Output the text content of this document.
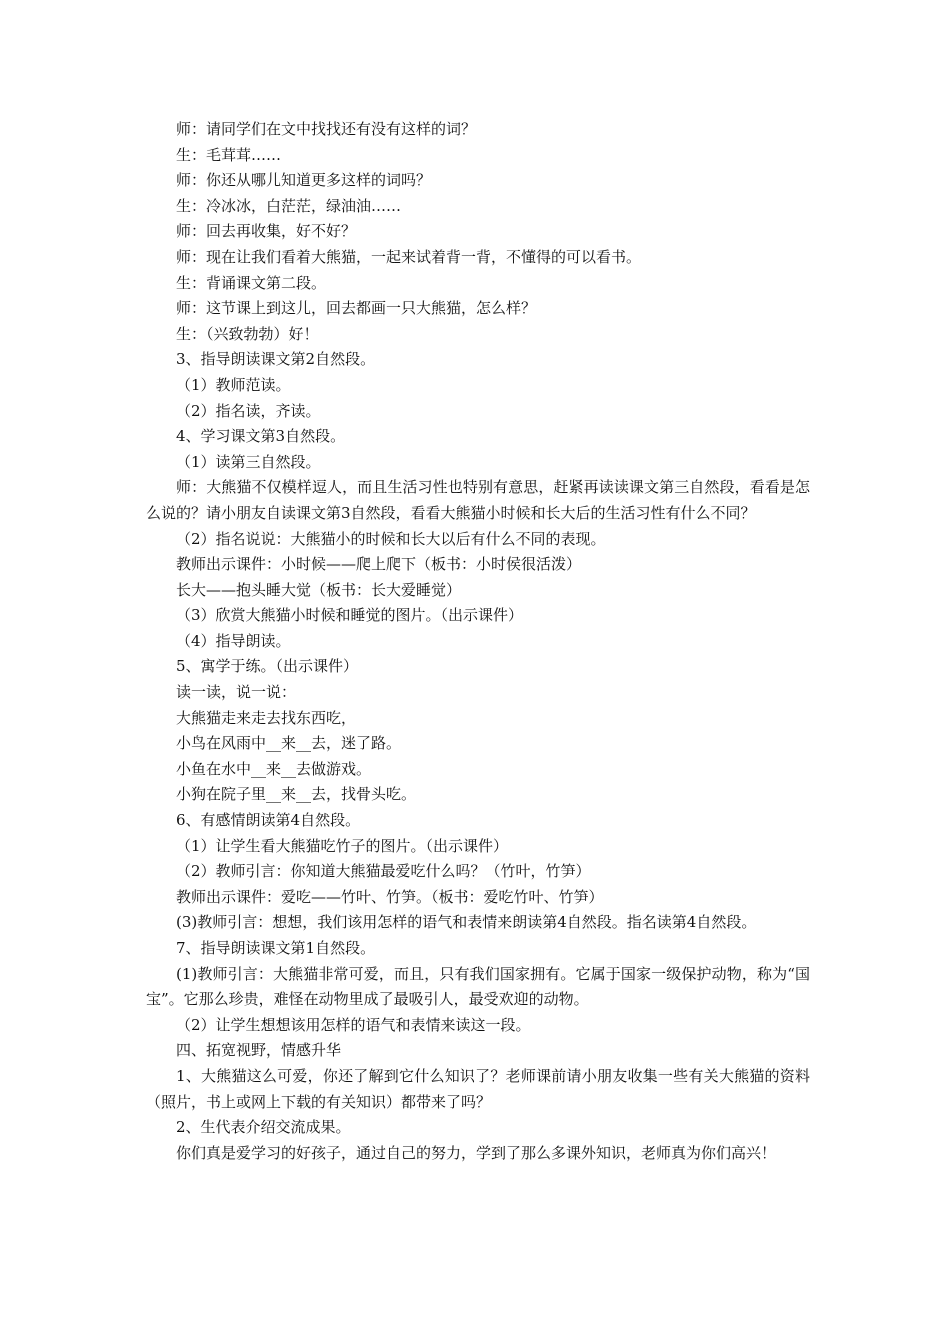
师：请同学们在文中找找还有没有这样的词？

生：毛茸茸……

师：你还从哪儿知道更多这样的词吗？

生：冷冰冰，白茫茫，绿油油……

师：回去再收集，好不好？

师：现在让我们看着大熊猫，一起来试着背一背，不懂得的可以看书。

生：背诵课文第二段。

师：这节课上到这儿，回去都画一只大熊猫，怎么样？

生：（兴致勃勃）好！

3、指导朗读课文第2自然段。

（1）教师范读。

（2）指名读，齐读。

4、学习课文第3自然段。

（1）读第三自然段。

师：大熊猫不仅模样逗人，而且生活习性也特别有意思，赶紧再读读课文第三自然段，看看是怎么说的？请小朋友自读课文第3自然段，看看大熊猫小时候和长大后的生活习性有什么不同？

（2）指名说说：大熊猫小的时候和长大以后有什么不同的表现。

教师出示课件：小时候——爬上爬下（板书：小时侯很活泼）

长大——抱头睡大觉（板书：长大爱睡觉）

（3）欣赏大熊猫小时候和睡觉的图片。（出示课件）

（4）指导朗读。

5、寓学于练。（出示课件）

读一读，说一说：

大熊猫走来走去找东西吃，

小鸟在风雨中__来__去，迷了路。

小鱼在水中__来__去做游戏。

小狗在院子里__来__去，找骨头吃。

6、有感情朗读第4自然段。

（1）让学生看大熊猫吃竹子的图片。（出示课件）

（2）教师引言：你知道大熊猫最爱吃什么吗？（竹叶，竹笋）

教师出示课件：爱吃——竹叶、竹笋。（板书：爱吃竹叶、竹笋）

(3)教师引言：想想，我们该用怎样的语气和表情来朗读第4自然段。指名读第4自然段。

7、指导朗读课文第1自然段。

(1)教师引言：大熊猫非常可爱，而且，只有我们国家拥有。它属于国家一级保护动物，称为“国宝”。它那么珍贵，难怪在动物里成了最吸引人，最受欢迎的动物。

（2）让学生想想该用怎样的语气和表情来读这一段。

四、拓宽视野，情感升华

1、大熊猫这么可爱，你还了解到它什么知识了？老师课前请小朋友收集一些有关大熊猫的资料（照片，书上或网上下载的有关知识）都带来了吗？

2、生代表介绍交流成果。

你们真是爱学习的好孩子，通过自己的努力，学到了那么多课外知识，老师真为你们高兴！
